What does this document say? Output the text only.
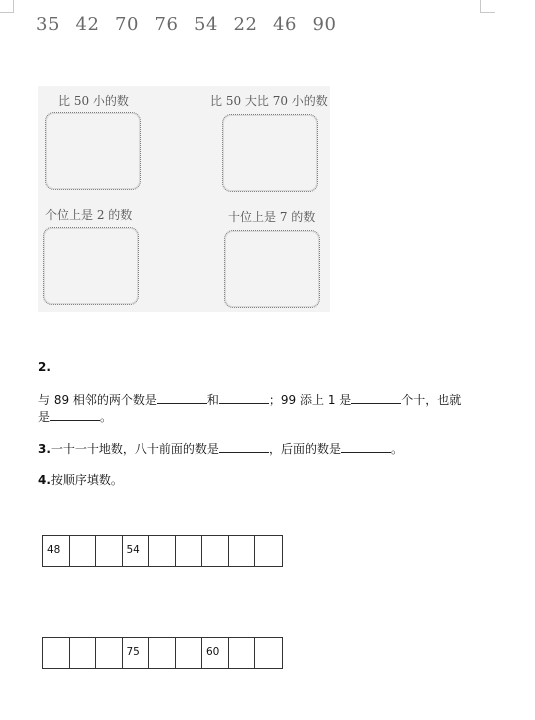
35 42 70 76 54 22 46 90
比 50 小的数	比 50 大比 70 小的数
个位上是 2 的数	十位上是 7 的数
2.
与 89 相邻的两个数是	和	；99 添上 1 是	个十，也就
是	。
3.一十一十地数，八十前面的数是	，后面的数是	。
4.按顺序填数。
48	54
75	60
